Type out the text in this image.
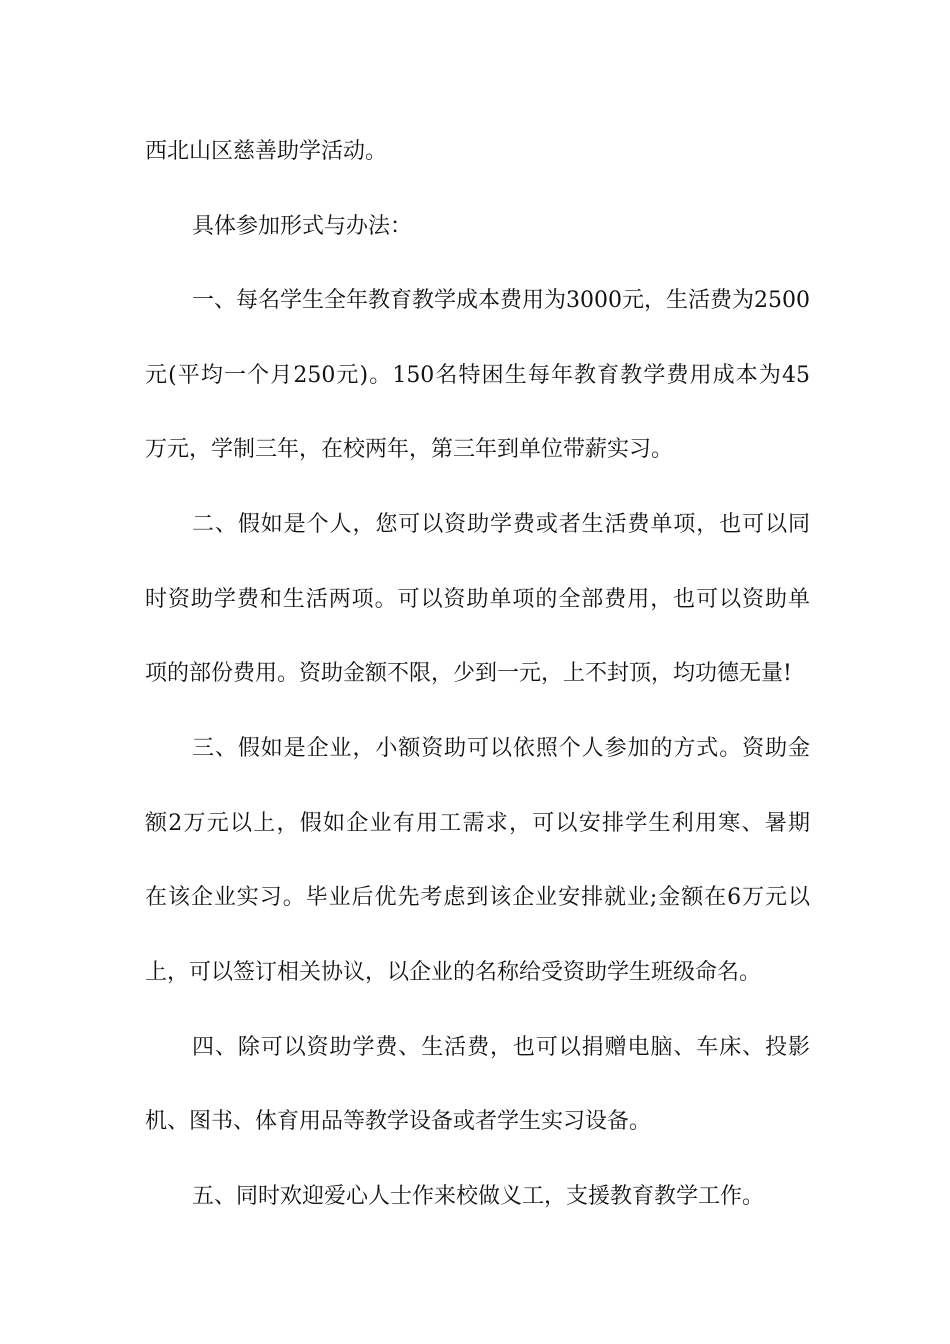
西北山区慈善助学活动。
具体参加形式与办法：
一、每名学生全年教育教学成本费用为3000元，生活费为2500
元(平均一个月250元)。150名特困生每年教育教学费用成本为45
万元，学制三年，在校两年，第三年到单位带薪实习。
二、假如是个人，您可以资助学费或者生活费单项，也可以同
时资助学费和生活两项。可以资助单项的全部费用，也可以资助单
项的部份费用。资助金额不限，少到一元，上不封顶，均功德无量!
三、假如是企业，小额资助可以依照个人参加的方式。资助金
额2万元以上，假如企业有用工需求，可以安排学生利用寒、暑期
在该企业实习。毕业后优先考虑到该企业安排就业;金额在6万元以
上，可以签订相关协议，以企业的名称给受资助学生班级命名。
四、除可以资助学费、生活费，也可以捐赠电脑、车床、投影
机、图书、体育用品等教学设备或者学生实习设备。
五、同时欢迎爱心人士作来校做义工，支援教育教学工作。
